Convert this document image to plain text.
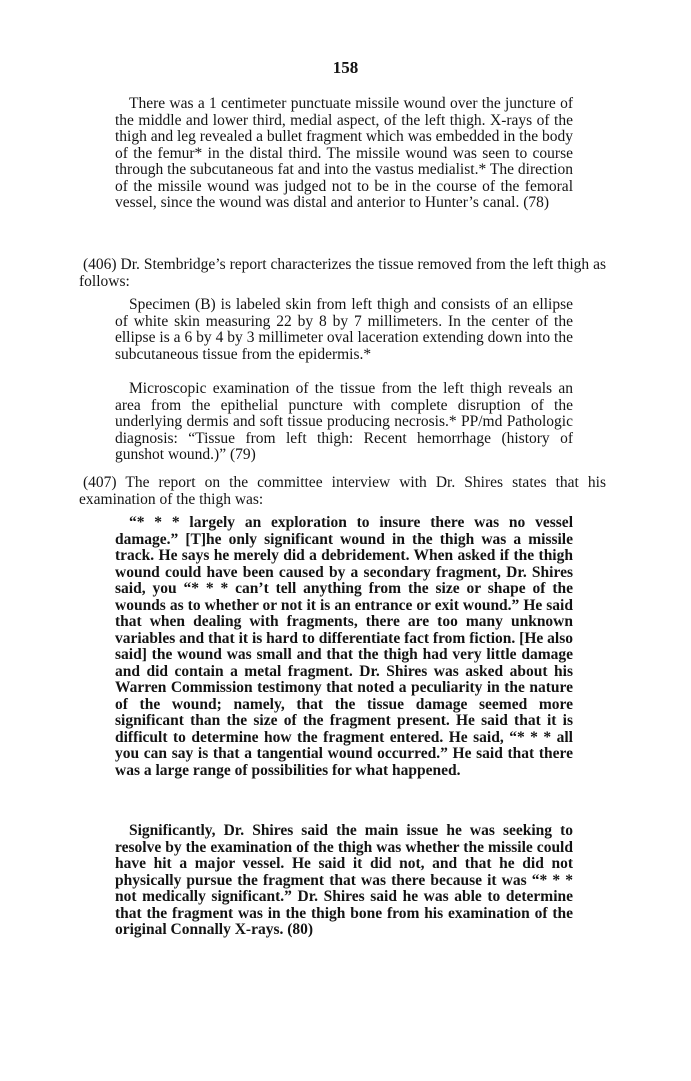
158

There was a 1 centimeter punctuate missile wound over the juncture of the middle and lower third, medial aspect, of the left thigh. X-rays of the thigh and leg revealed a bullet fragment which was embedded in the body of the femur* in the distal third. The missile wound was seen to course through the subcutaneous fat and into the vastus medialist.* The direction of the missile wound was judged not to be in the course of the femoral vessel, since the wound was distal and anterior to Hunter’s canal. (78)

(406) Dr. Stembridge’s report characterizes the tissue removed from the left thigh as follows:

Specimen (B) is labeled skin from left thigh and consists of an ellipse of white skin measuring 22 by 8 by 7 millimeters. In the center of the ellipse is a 6 by 4 by 3 millimeter oval laceration extending down into the subcutaneous tissue from the epidermis.*

Microscopic examination of the tissue from the left thigh reveals an area from the epithelial puncture with complete disruption of the underlying dermis and soft tissue producing necrosis.* PP/md Pathologic diagnosis: “Tissue from left thigh: Recent hemorrhage (history of gunshot wound.)” (79)

(407) The report on the committee interview with Dr. Shires states that his examination of the thigh was:

“* * * largely an exploration to insure there was no vessel damage.” [T]he only significant wound in the thigh was a missile track. He says he merely did a debridement. When asked if the thigh wound could have been caused by a secondary fragment, Dr. Shires said, you “* * * can’t tell anything from the size or shape of the wounds as to whether or not it is an entrance or exit wound.” He said that when dealing with fragments, there are too many unknown variables and that it is hard to differentiate fact from fiction. [He also said] the wound was small and that the thigh had very little damage and did contain a metal fragment. Dr. Shires was asked about his Warren Commission testimony that noted a peculiarity in the nature of the wound; namely, that the tissue damage seemed more significant than the size of the fragment present. He said that it is difficult to determine how the fragment entered. He said, “* * * all you can say is that a tangential wound occurred.” He said that there was a large range of possibilities for what happened.

Significantly, Dr. Shires said the main issue he was seeking to resolve by the examination of the thigh was whether the missile could have hit a major vessel. He said it did not, and that he did not physically pursue the fragment that was there because it was “* * * not medically significant.” Dr. Shires said he was able to determine that the fragment was in the thigh bone from his examination of the original Connally X-rays. (80)
